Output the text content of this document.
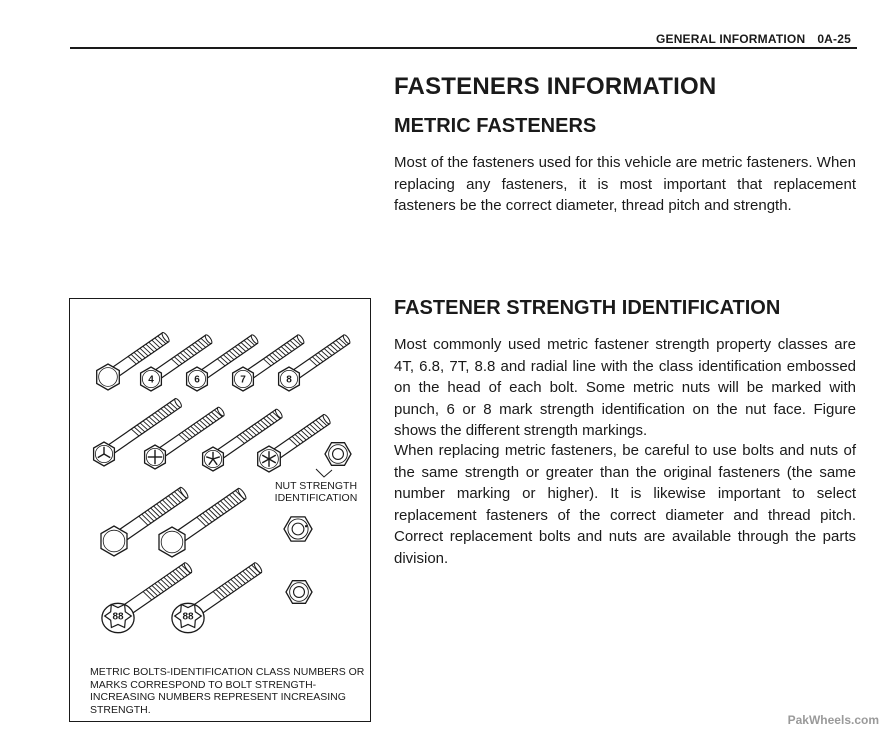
GENERAL INFORMATION 0A-25
FASTENERS INFORMATION
METRIC FASTENERS

Most of the fasteners used for this vehicle are metric fasteners. When replacing any fasteners, it is most important that replacement fasteners be the correct diameter, thread pitch and strength.

FASTENER STRENGTH IDENTIFICATION

Most commonly used metric fastener strength property classes are 4T, 6.8, 7T, 8.8 and radial line with the class identification embossed on the head of each bolt. Some metric nuts will be marked with punch, 6 or 8 mark strength identification on the nut face. Figure shows the different strength markings.

When replacing metric fasteners, be careful to use bolts and nuts of the same strength or greater than the original fasteners (the same number marking or higher). It is likewise important to select replacement fasteners of the correct diameter and thread pitch. Correct replacement bolts and nuts are available through the parts division.

4	6	7	8
88	88
NUT STRENGTH IDENTIFICATION

METRIC BOLTS-IDENTIFICATION CLASS NUMBERS OR MARKS CORRESPOND TO BOLT STRENGTH-INCREASING NUMBERS REPRESENT INCREASING STRENGTH.

PakWheels.com
